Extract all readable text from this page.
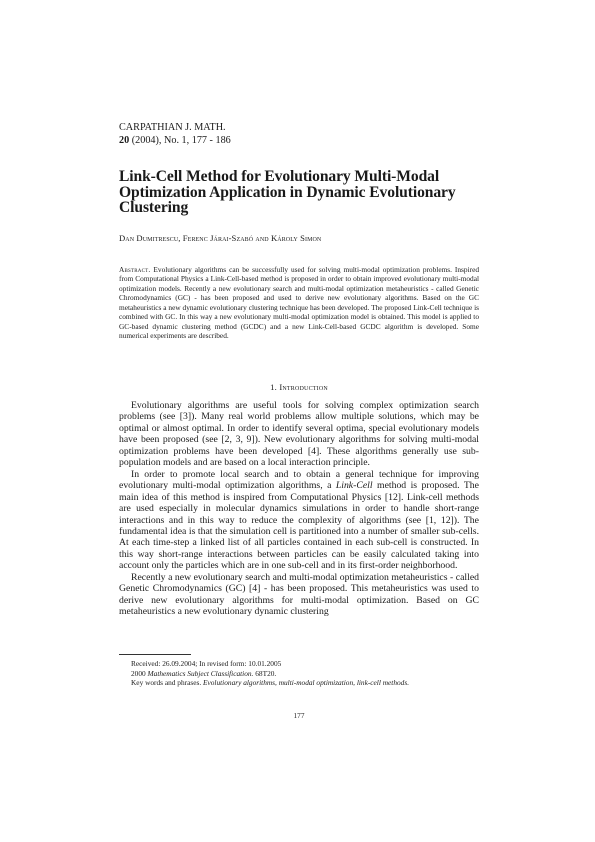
CARPATHIAN J. MATH.
20 (2004), No. 1, 177 - 186
Link-Cell Method for Evolutionary Multi-Modal Optimization Application in Dynamic Evolutionary Clustering
Dan Dumitrescu, Ferenc Járai-Szabó and Károly Simon
Abstract. Evolutionary algorithms can be successfully used for solving multi-modal optimization problems. Inspired from Computational Physics a Link-Cell-based method is proposed in order to obtain improved evolutionary multi-modal optimization models. Recently a new evolutionary search and multi-modal optimization metaheuristics - called Genetic Chromodynamics (GC) - has been proposed and used to derive new evolutionary algorithms. Based on the GC metaheuristics a new dynamic evolutionary clustering technique has been developed. The proposed Link-Cell technique is combined with GC. In this way a new evolutionary multi-modal optimization model is obtained. This model is applied to GC-based dynamic clustering method (GCDC) and a new Link-Cell-based GCDC algorithm is developed. Some numerical experiments are described.
1. Introduction

Evolutionary algorithms are useful tools for solving complex optimization search problems (see [3]). Many real world problems allow multiple solutions, which may be optimal or almost optimal. In order to identify several optima, special evolutionary models have been proposed (see [2, 3, 9]). New evolutionary algorithms for solving multi-modal optimization problems have been developed [4]. These algorithms generally use sub-population models and are based on a local interaction principle.

In order to promote local search and to obtain a general technique for improving evolutionary multi-modal optimization algorithms, a Link-Cell method is proposed. The main idea of this method is inspired from Computational Physics [12]. Link-cell methods are used especially in molecular dynamics simulations in order to handle short-range interactions and in this way to reduce the complexity of algorithms (see [1, 12]). The fundamental idea is that the simulation cell is partitioned into a number of smaller sub-cells. At each time-step a linked list of all particles contained in each sub-cell is constructed. In this way short-range interactions between particles can be easily calculated taking into account only the particles which are in one sub-cell and in its first-order neighborhood.

Recently a new evolutionary search and multi-modal optimization metaheuristics - called Genetic Chromodynamics (GC) [4] - has been proposed. This metaheuristics was used to derive new evolutionary algorithms for multi-modal optimization. Based on GC metaheuristics a new evolutionary dynamic clustering

Received: 26.09.2004; In revised form: 10.01.2005

2000 Mathematics Subject Classification. 68T20.

Key words and phrases. Evolutionary algorithms, multi-modal optimization, link-cell methods.

177
